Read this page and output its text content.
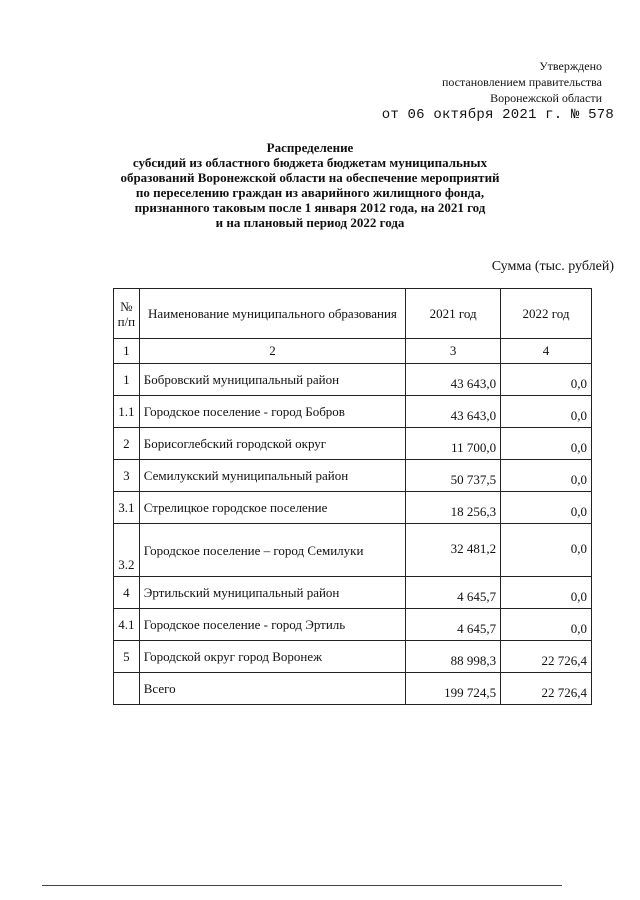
Утверждено
постановлением правительства
Воронежской области
от 06 октября 2021 г. № 578
Распределение
субсидий из областного бюджета бюджетам муниципальных
образований Воронежской области на обеспечение мероприятий
по переселению граждан из аварийного жилищного фонда,
признанного таковым после 1 января 2012 года, на 2021 год
и на плановый период 2022 года
Сумма (тыс. рублей)
№ п/п	Наименование муниципального образования	2021 год	2022 год
1	2	3	4
1	Бобровский муниципальный район	43 643,0	0,0
1.1	Городское поселение - город Бобров	43 643,0	0,0
2	Борисоглебский городской округ	11 700,0	0,0
3	Семилукский муниципальный район	50 737,5	0,0
3.1	Стрелицкое городское поселение	18 256,3	0,0
3.2	Городское поселение – город Семилуки	32 481,2	0,0
4	Эртильский муниципальный район	4 645,7	0,0
4.1	Городское поселение - город Эртиль	4 645,7	0,0
5	Городской округ город Воронеж	88 998,3	22 726,4
	Всего	199 724,5	22 726,4
